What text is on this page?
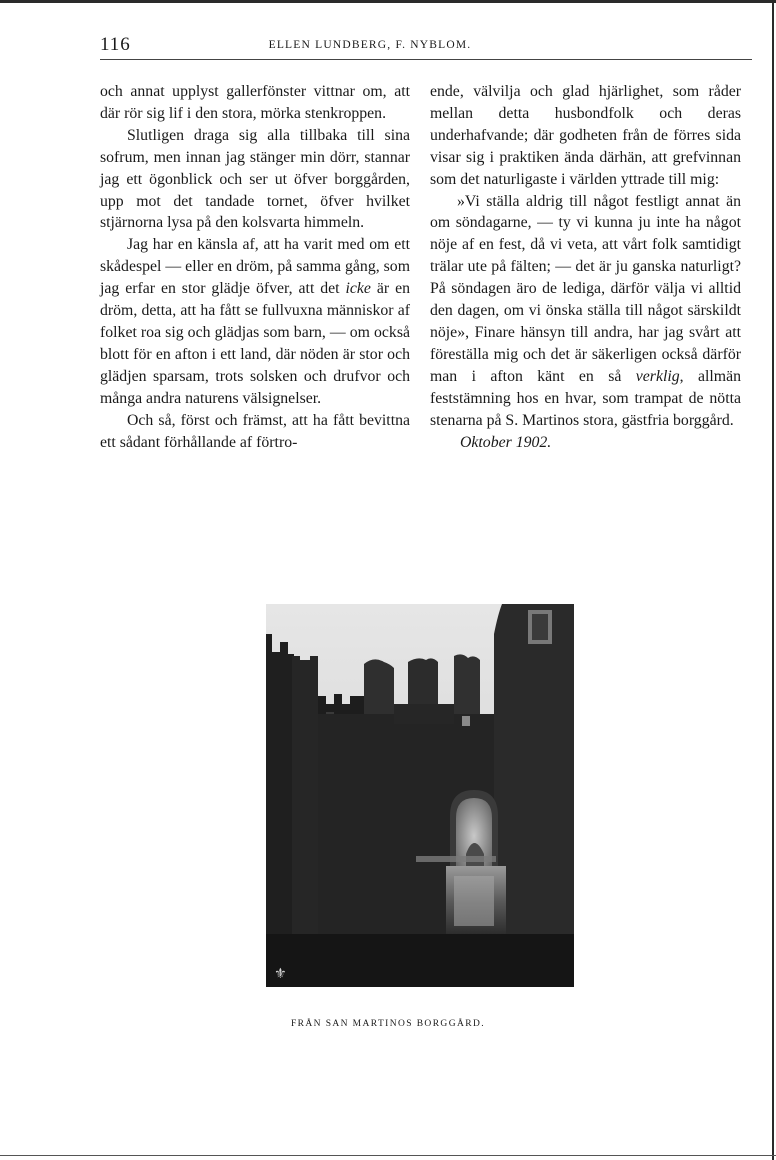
116	ELLEN LUNDBERG, F. NYBLOM.

och annat upplyst gallerfönster vittnar om, att där rör sig lif i den stora, mörka stenkroppen.

Slutligen draga sig alla tillbaka till sina sofrum, men innan jag stänger min dörr, stannar jag ett ögonblick och ser ut öfver borggården, upp mot det tandade tornet, öfver hvilket stjärnorna lysa på den kolsvarta himmeln.

Jag har en känsla af, att ha varit med om ett skådespel — eller en dröm, på samma gång, som jag erfar en stor glädje öfver, att det icke är en dröm, detta, att ha fått se fullvuxna människor af folket roa sig och glädjas som barn, — om också blott för en afton i ett land, där nöden är stor och glädjen sparsam, trots solsken och drufvor och många andra naturens välsignelser.

Och så, först och främst, att ha fått bevittna ett sådant förhållande af förtro-

ende, välvilja och glad hjärlighet, som råder mellan detta husbondfolk och deras underhafvande; där godheten från de förres sida visar sig i praktiken ända därhän, att grefvinnan som det naturligaste i världen yttrade till mig:

»Vi ställa aldrig till något festligt annat än om söndagarne, — ty vi kunna ju inte ha något nöje af en fest, då vi veta, att vårt folk samtidigt trälar ute på fälten; — det är ju ganska naturligt? På söndagen äro de lediga, därför välja vi alltid den dagen, om vi önska ställa till något särskildt nöje», Finare hänsyn till andra, har jag svårt att föreställa mig och det är säkerligen också därför man i afton känt en så verklig, allmän feststämning hos en hvar, som trampat de nötta stenarna på S. Martinos stora, gästfria borggård.

Oktober 1902.

⚜
FRÅN SAN MARTINOS BORGGÅRD.
